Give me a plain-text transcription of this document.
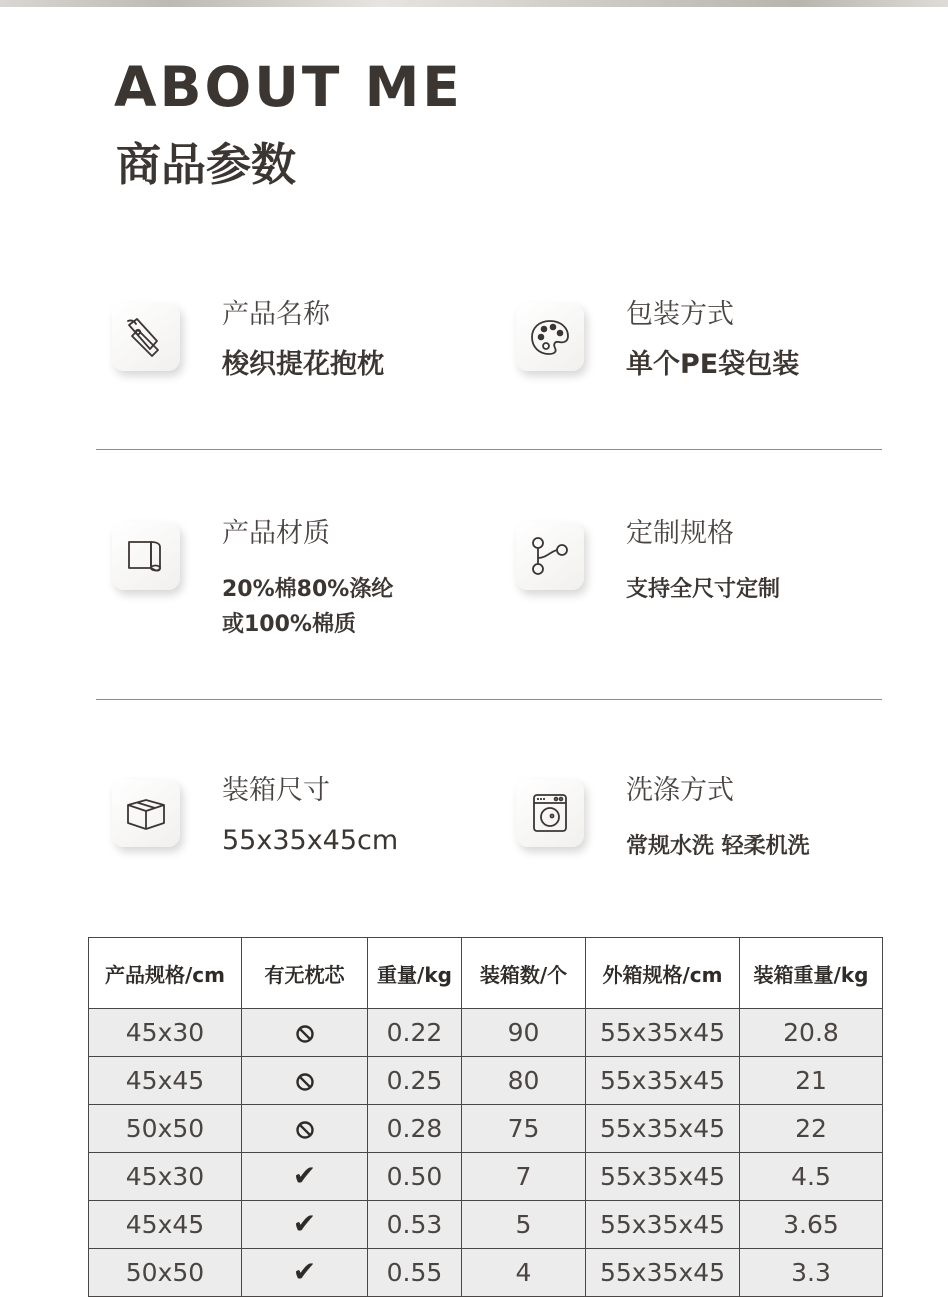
ABOUT ME
商品参数
产品名称
梭织提花抱枕
包装方式
单个PE袋包装
产品材质
20%棉80%涤纶
或100%棉质
定制规格
支持全尺寸定制
装箱尺寸
55x35x45cm
洗涤方式
常规水洗 轻柔机洗
产品规格/cm	有无枕芯	重量/kg	装箱数/个	外箱规格/cm	装箱重量/kg
45x30		0.22	90	55x35x45	20.8
45x45		0.25	80	55x35x45	21
50x50		0.28	75	55x35x45	22
45x30	✔	0.50	7	55x35x45	4.5
45x45	✔	0.53	5	55x35x45	3.65
50x50	✔	0.55	4	55x35x45	3.3
